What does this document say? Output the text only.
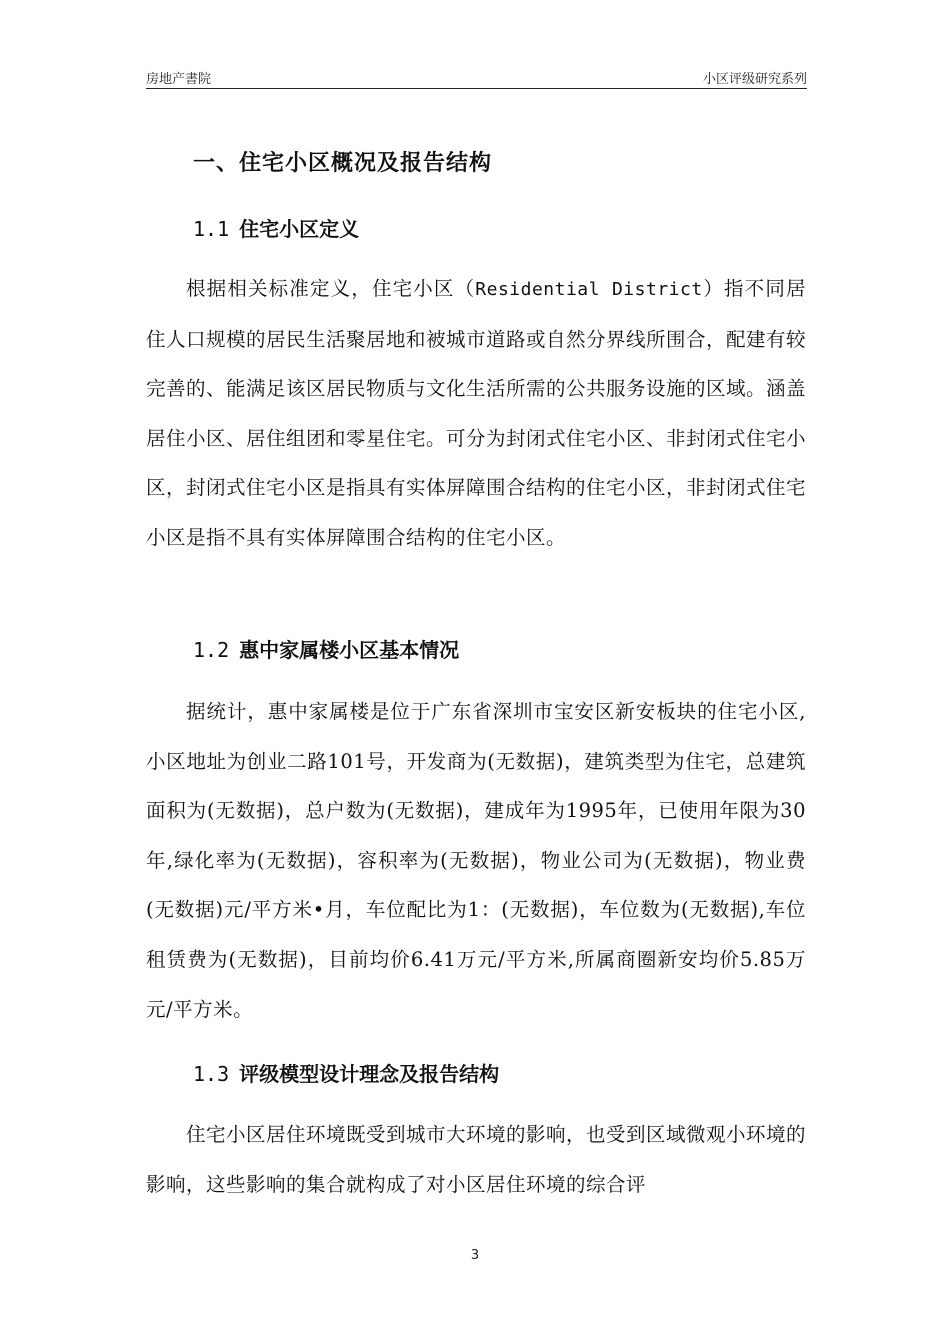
房地产書院	小区评级研究系列
一、住宅小区概况及报告结构
1.1 住宅小区定义

根据相关标准定义，住宅小区（Residential District）指不同居住人口规模的居民生活聚居地和被城市道路或自然分界线所围合，配建有较完善的、能满足该区居民物质与文化生活所需的公共服务设施的区域。涵盖居住小区、居住组团和零星住宅。可分为封闭式住宅小区、非封闭式住宅小区，封闭式住宅小区是指具有实体屏障围合结构的住宅小区，非封闭式住宅小区是指不具有实体屏障围合结构的住宅小区。

1.2 惠中家属楼小区基本情况

据统计，惠中家属楼是位于广东省深圳市宝安区新安板块的住宅小区,小区地址为创业二路101号，开发商为(无数据)，建筑类型为住宅，总建筑面积为(无数据)，总户数为(无数据)，建成年为1995年，已使用年限为30年,绿化率为(无数据)，容积率为(无数据)，物业公司为(无数据)，物业费(无数据)元/平方米•月，车位配比为1：(无数据)，车位数为(无数据),车位租赁费为(无数据)，目前均价6.41万元/平方米,所属商圈新安均价5.85万元/平方米。

1.3 评级模型设计理念及报告结构

住宅小区居住环境既受到城市大环境的影响，也受到区域微观小环境的影响，这些影响的集合就构成了对小区居住环境的综合评

3
